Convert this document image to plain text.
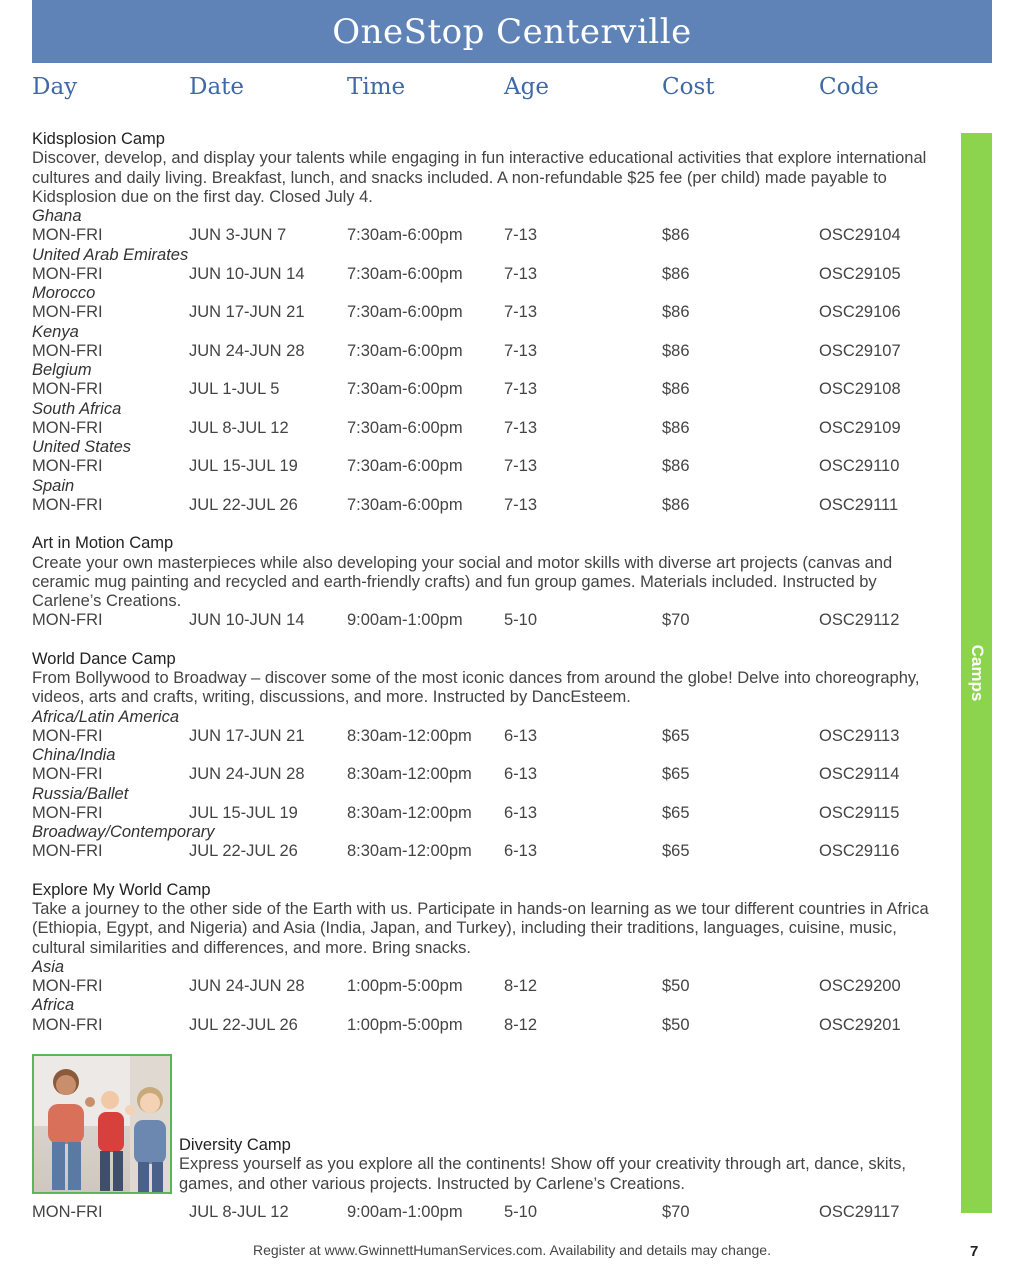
OneStop Centerville
Day	Date	Time	Age	Cost	Code
Kidsplosion Camp
Discover, develop, and display your talents while engaging in fun interactive educational activities that explore international cultures and daily living. Breakfast, lunch, and snacks included. A non-refundable $25 fee (per child) made payable to Kidsplosion due on the first day. Closed July 4.
Ghana
MON-FRI	JUN 3-JUN 7	7:30am-6:00pm	7-13	$86	OSC29104
United Arab Emirates
MON-FRI	JUN 10-JUN 14	7:30am-6:00pm	7-13	$86	OSC29105
Morocco
MON-FRI	JUN 17-JUN 21	7:30am-6:00pm	7-13	$86	OSC29106
Kenya
MON-FRI	JUN 24-JUN 28	7:30am-6:00pm	7-13	$86	OSC29107
Belgium
MON-FRI	JUL 1-JUL 5	7:30am-6:00pm	7-13	$86	OSC29108
South Africa
MON-FRI	JUL 8-JUL 12	7:30am-6:00pm	7-13	$86	OSC29109
United States
MON-FRI	JUL 15-JUL 19	7:30am-6:00pm	7-13	$86	OSC29110
Spain
MON-FRI	JUL 22-JUL 26	7:30am-6:00pm	7-13	$86	OSC29111
Art in Motion Camp
Create your own masterpieces while also developing your social and motor skills with diverse art projects (canvas and ceramic mug painting and recycled and earth-friendly crafts) and fun group games. Materials included. Instructed by Carlene’s Creations.
MON-FRI	JUN 10-JUN 14	9:00am-1:00pm	5-10	$70	OSC29112
World Dance Camp
From Bollywood to Broadway – discover some of the most iconic dances from around the globe! Delve into choreography, videos, arts and crafts, writing, discussions, and more. Instructed by DancEsteem.
Africa/Latin America
MON-FRI	JUN 17-JUN 21	8:30am-12:00pm 6-13	$65	OSC29113
China/India
MON-FRI	JUN 24-JUN 28	8:30am-12:00pm 6-13	$65	OSC29114
Russia/Ballet
MON-FRI	JUL 15-JUL 19	8:30am-12:00pm 6-13	$65	OSC29115
Broadway/Contemporary
MON-FRI	JUL 22-JUL 26	8:30am-12:00pm 6-13	$65	OSC29116
Explore My World Camp
Take a journey to the other side of the Earth with us. Participate in hands-on learning as we tour different countries in Africa (Ethiopia, Egypt, and Nigeria) and Asia (India, Japan, and Turkey), including their traditions, languages, cuisine, music, cultural similarities and differences, and more. Bring snacks.
Asia
MON-FRI	JUN 24-JUN 28	1:00pm-5:00pm	8-12	$50	OSC29200
Africa
MON-FRI	JUL 22-JUL 26	1:00pm-5:00pm	8-12	$50	OSC29201
Diversity Camp
Express yourself as you explore all the continents! Show off your creativity through art, dance, skits, games, and other various projects. Instructed by Carlene’s Creations.
MON-FRI	JUL 8-JUL 12	9:00am-1:00pm	5-10	$70	OSC29117
Camps
Register at www.GwinnettHumanServices.com. Availability and details may change.	7
